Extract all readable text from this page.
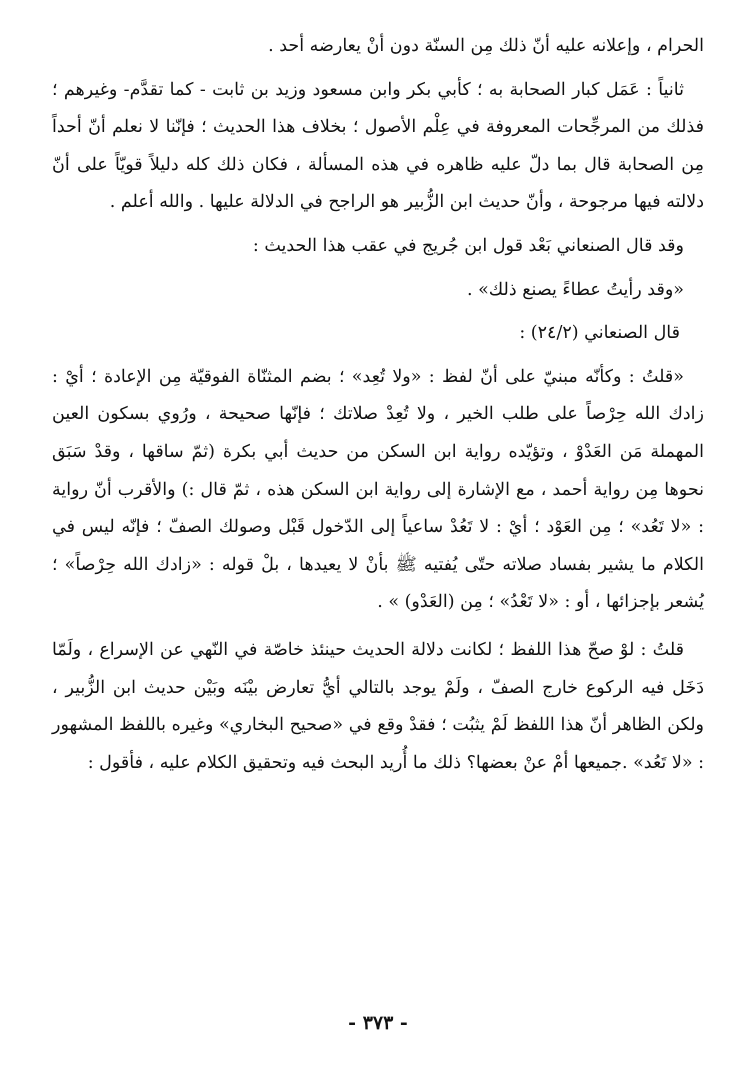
الحرام ، وإعلانه عليه أنّ ذلك مِن السنّة دون أنْ يعارضه أحد .

ثانياً : عَمَل كبار الصحابة به ؛ كأبي بكر وابن مسعود وزيد بن ثابت - كما تقدَّم- وغيرهم ؛ فذلك من المرجِّحات المعروفة في عِلْم الأصول ؛ بخلاف هذا الحديث ؛ فإنّنا لا نعلم أنّ أحداً مِن الصحابة قال بما دلّ عليه ظاهره في هذه المسألة ، فكان ذلك كله دليلاً قويّاً على أنّ دلالته فيها مرجوحة ، وأنّ حديث ابن الزُّبير هو الراجح في الدلالة عليها . والله أعلم .

وقد قال الصنعاني بَعْد قول ابن جُريج في عقب هذا الحديث :

«وقد رأيتُ عطاءً يصنع ذلك» .

قال الصنعاني (٢٤/٢) :

«قلتُ : وكأنّه مبنيّ على أنّ لفظ : «ولا تُعِد» ؛ بضم المثنّاة الفوقيّة مِن الإعادة ؛ أيْ : زادك الله حِرْصاً على طلب الخير ، ولا تُعِدْ صلاتك ؛ فإنّها صحيحة ، ورُوي بسكون العين المهملة مَن العَدْوْ ، وتؤيّده رواية ابن السكن من حديث أبي بكرة (ثمّ ساقها ، وقدْ سَبَق نحوها مِن رواية أحمد ، مع الإشارة إلى رواية ابن السكن هذه ، ثمّ قال :) والأقرب أنّ رواية : «لا تَعُد» ؛ مِن العَوْد ؛ أيْ : لا تَعُدْ ساعياً إلى الدّخول قَبْل وصولك الصفّ ؛ فإنّه ليس في الكلام ما يشير بفساد صلاته حتّى يُفتيه ﷺ بأنْ لا يعيدها ، بلْ قوله : «زادك الله حِرْصاً» ؛ يُشعر بإجزائها ، أو : «لا تَعْدُ» ؛ مِن (العَدْو) » .

قلتُ : لوْ صحّ هذا اللفظ ؛ لكانت دلالة الحديث حينئذ خاصّة في النّهي عن الإسراع ، ولَمّا دَخَل فيه الركوع خارج الصفّ ، ولَمْ يوجد بالتالي أيُّ تعارض بيْنَه وبَيْن حديث ابن الزُّبير ، ولكن الظاهر أنّ هذا اللفظ لَمْ يثبُت ؛ فقدْ وقع في «صحيح البخاري» وغيره باللفظ المشهور : «لا تَعُد» .جميعها أمْ عنْ بعضها؟ ذلك ما أُريد البحث فيه وتحقيق الكلام عليه ، فأقول :

- ٣٧٣ -
